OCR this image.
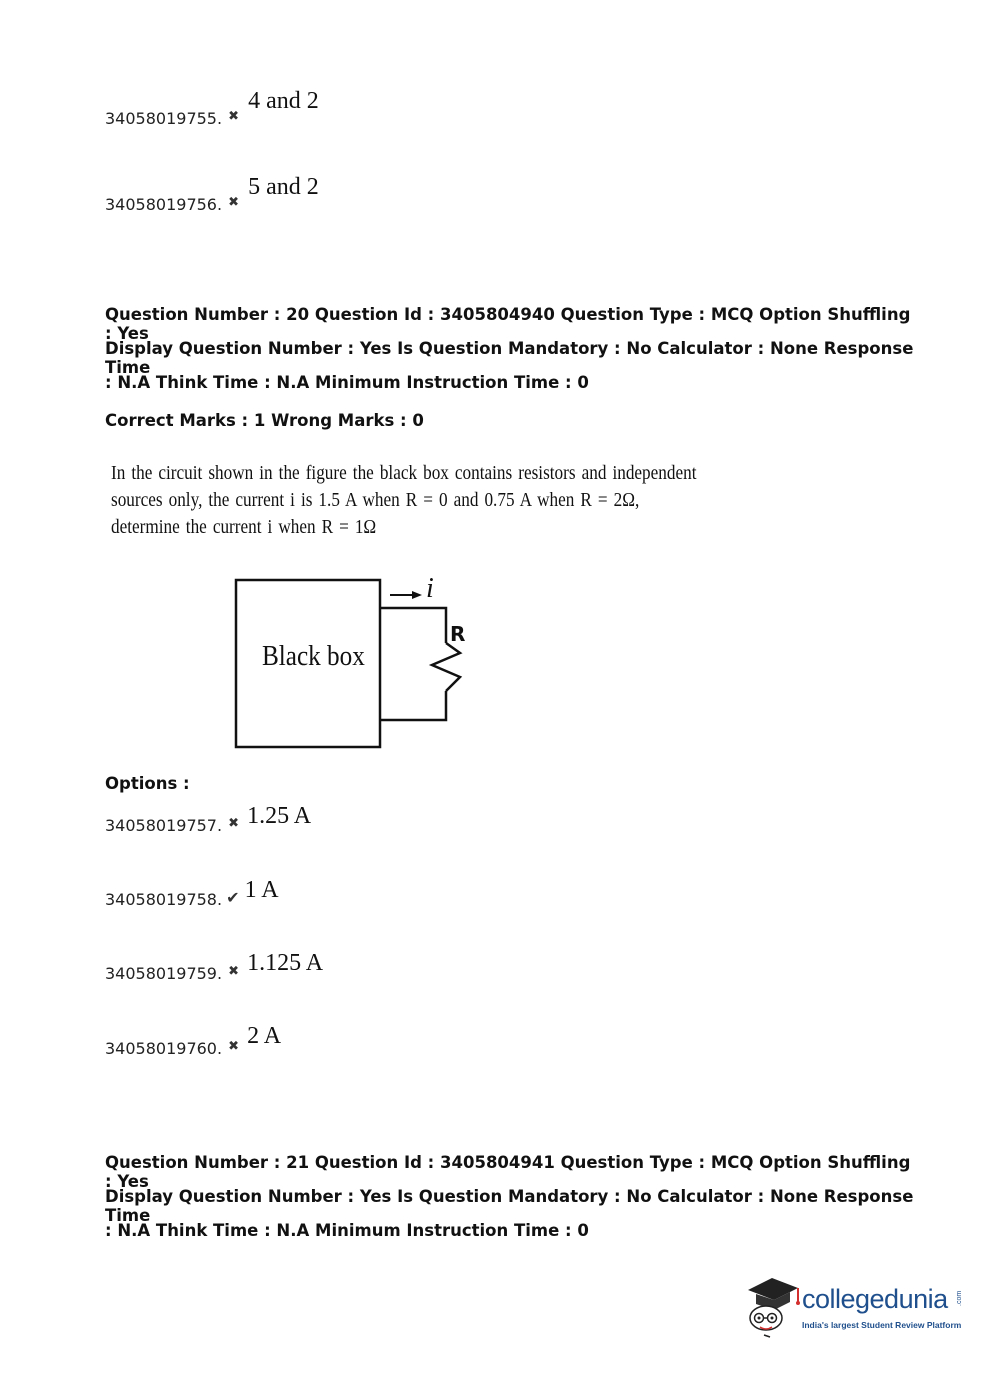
34058019755. $_✖$ 4 and 2
34058019756. $_✖$ 5 and 2
Question Number : 20 Question Id : 3405804940 Question Type : MCQ Option Shuffling : Yes
Display Question Number : Yes Is Question Mandatory : No Calculator : None Response Time
: N.A Think Time : N.A Minimum Instruction Time : 0
Correct Marks : 1 Wrong Marks : 0
In the circuit shown in the figure the black box contains resistors and independent
sources only, the current i is 1.5 A when R = 0 and 0.75 A when R = 2Ω,
determine the current i when R = 1Ω
Black box
R
i
Options :
34058019757. $_✖$ 1.25 A
34058019758. ✔ 1 A
34058019759. $_✖$ 1.125 A
34058019760. $_✖$ 2 A
Question Number : 21 Question Id : 3405804941 Question Type : MCQ Option Shuffling : Yes
Display Question Number : Yes Is Question Mandatory : No Calculator : None Response Time
: N.A Think Time : N.A Minimum Instruction Time : 0
collegedunia .com
India's largest Student Review Platform
